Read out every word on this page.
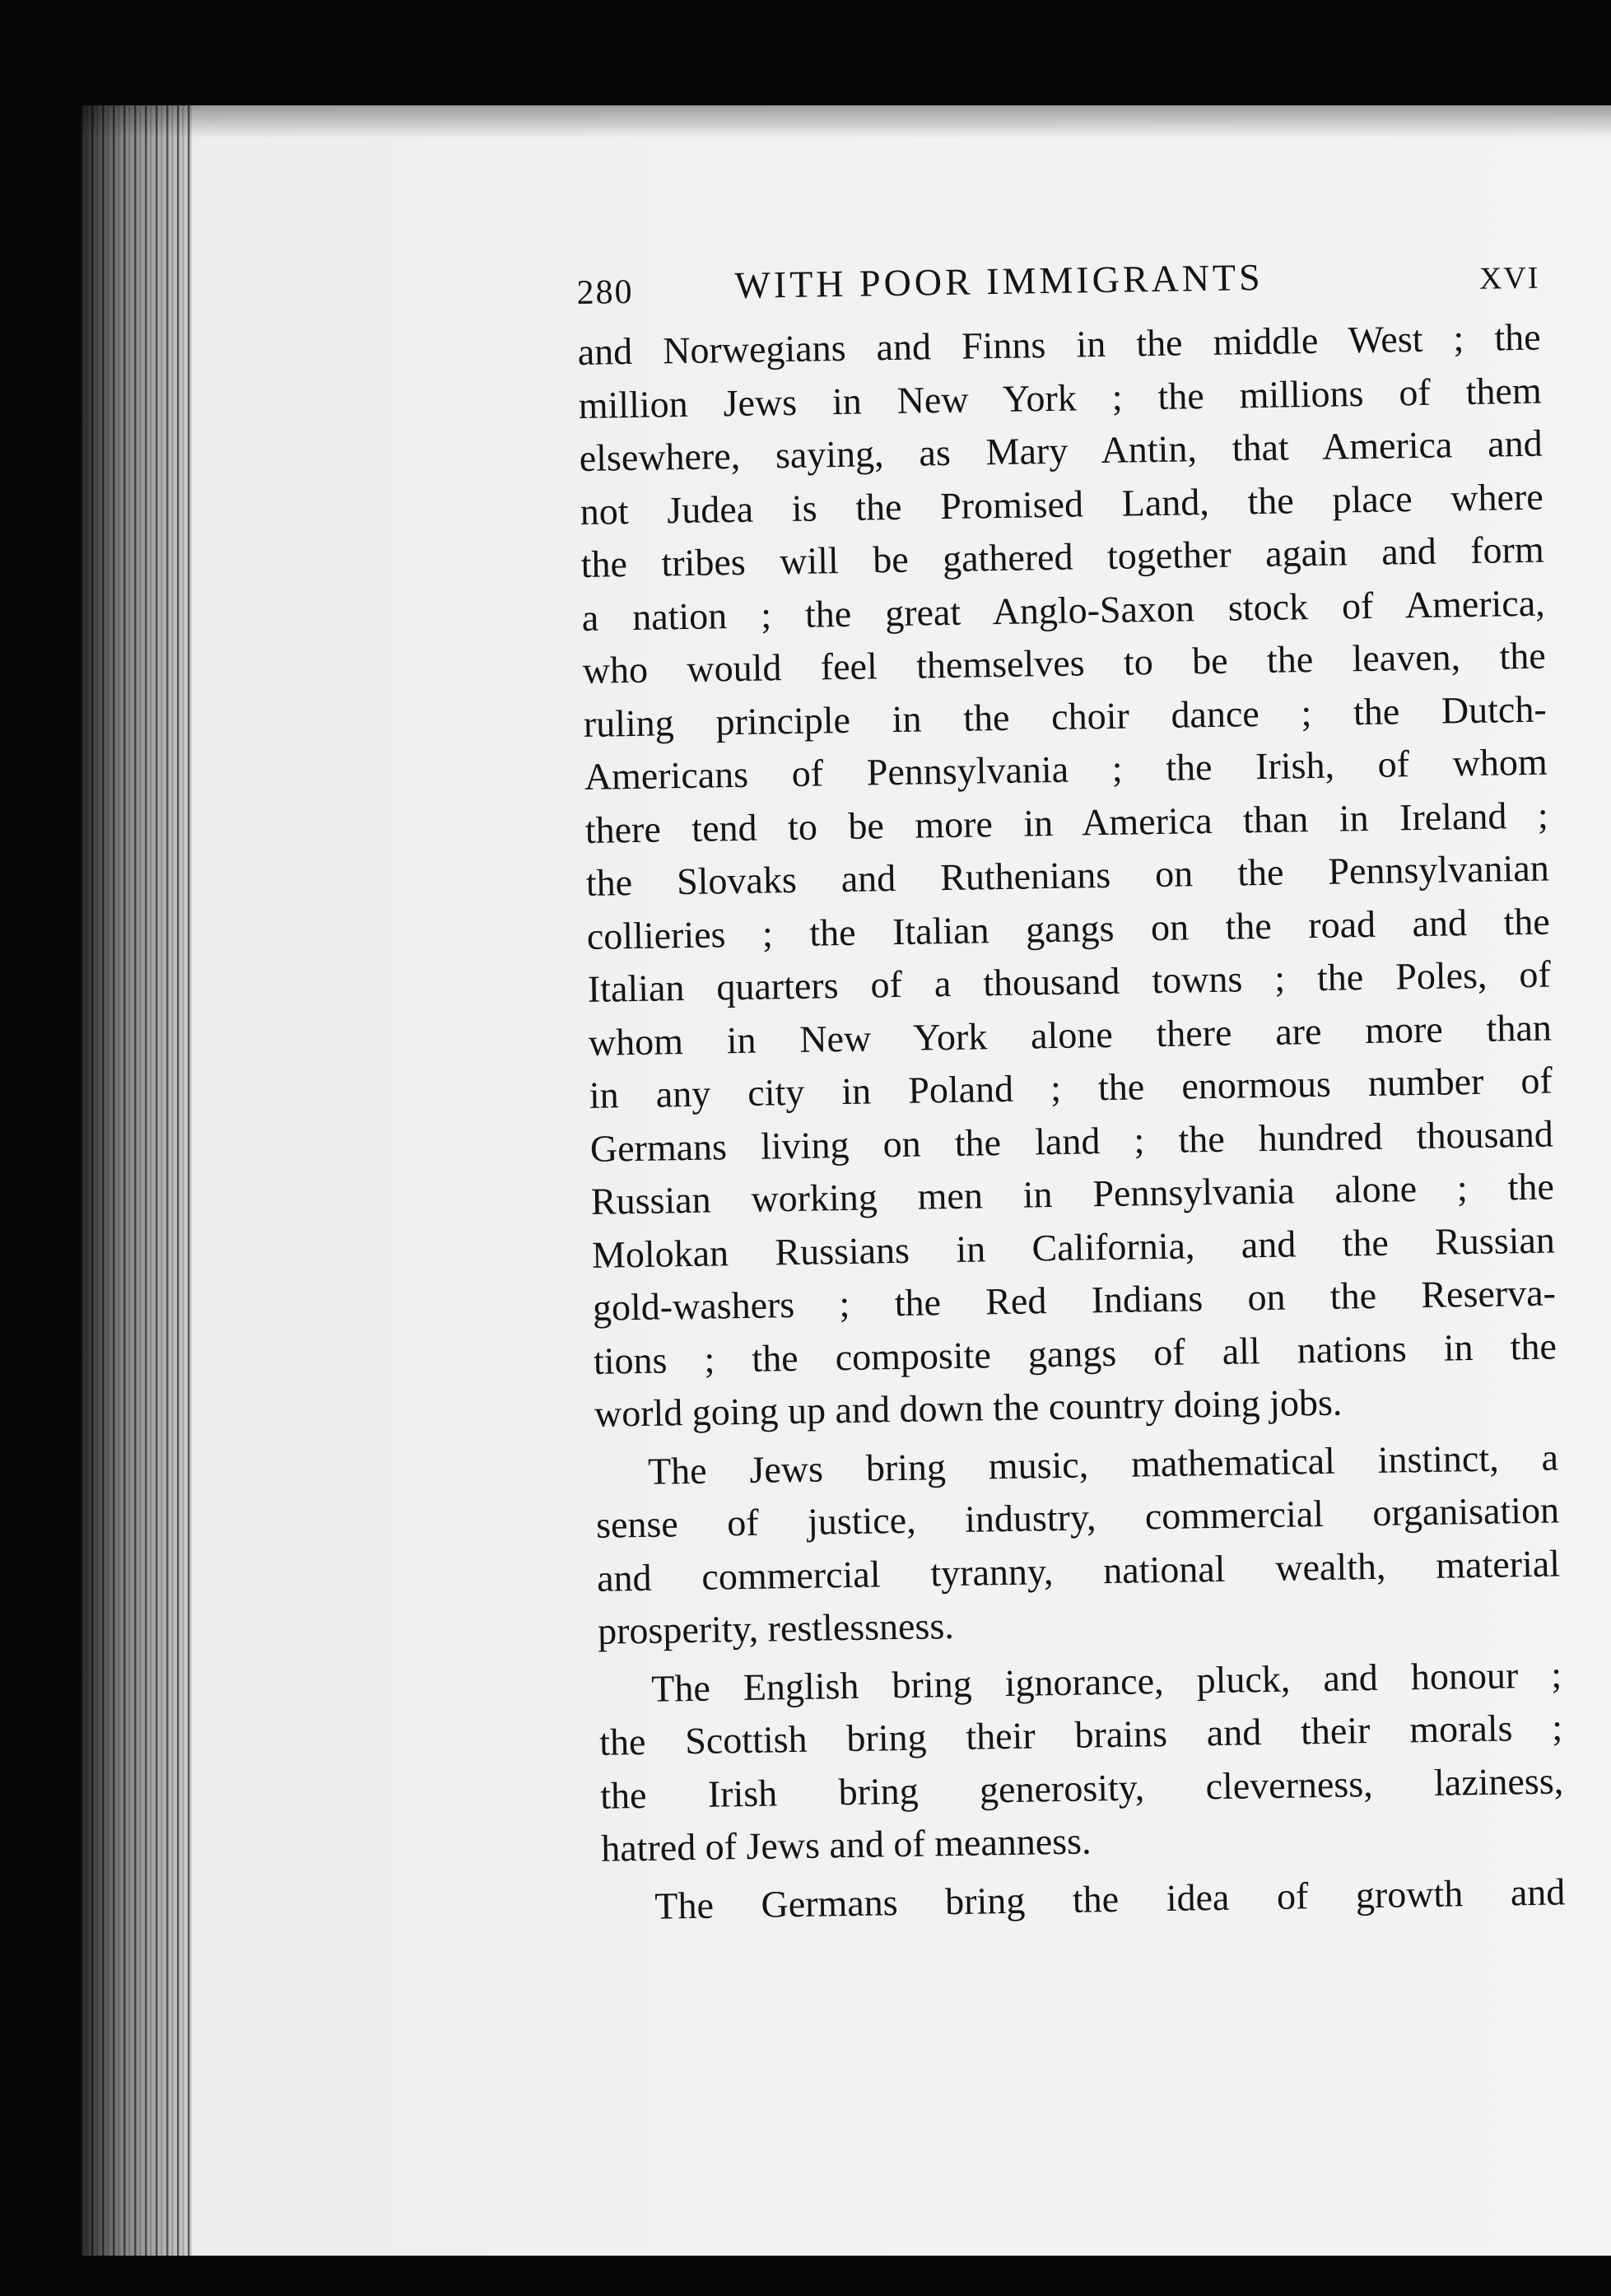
280	WITH POOR IMMIGRANTS	XVI
and Norwegians and Finns in the middle West ; the
million Jews in New York ; the millions of them
elsewhere, saying, as Mary Antin, that America and
not Judea is the Promised Land, the place where
the tribes will be gathered together again and form
a nation ; the great Anglo-Saxon stock of America,
who would feel themselves to be the leaven, the
ruling principle in the choir dance ; the Dutch-
Americans of Pennsylvania ; the Irish, of whom
there tend to be more in America than in Ireland ;
the Slovaks and Ruthenians on the Pennsylvanian
collieries ; the Italian gangs on the road and the
Italian quarters of a thousand towns ; the Poles, of
whom in New York alone there are more than
in any city in Poland ; the enormous number of
Germans living on the land ; the hundred thousand
Russian working men in Pennsylvania alone ; the
Molokan Russians in California, and the Russian
gold-washers ; the Red Indians on the Reserva-
tions ; the composite gangs of all nations in the
world going up and down the country doing jobs.
The Jews bring music, mathematical instinct, a
sense of justice, industry, commercial organisation
and commercial tyranny, national wealth, material
prosperity, restlessness.
The English bring ignorance, pluck, and honour ;
the Scottish bring their brains and their morals ;
the Irish bring generosity, cleverness, laziness,
hatred of Jews and of meanness.
The Germans bring the idea of growth and
